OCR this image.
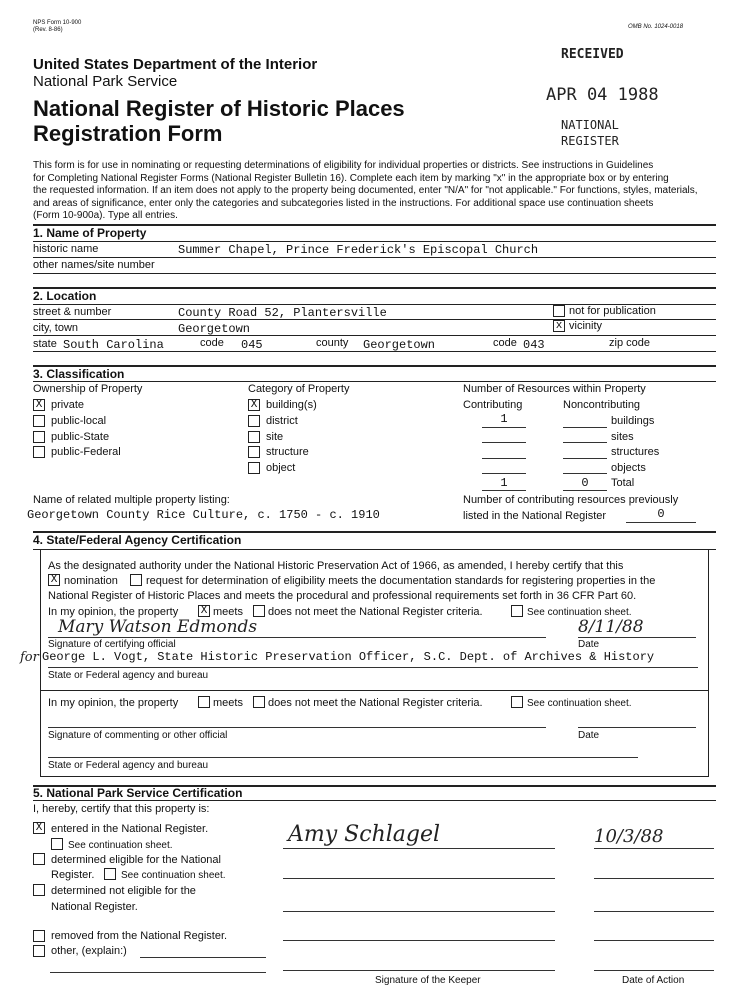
NPS Form 10-900
(Rev. 8-86)	OMB No. 1024-0018
United States Department of the Interior
National Park Service
National Register of Historic Places
Registration Form
RECEIVED
APR 04 1988
NATIONAL
REGISTER
This form is for use in nominating or requesting determinations of eligibility for individual properties or districts. See instructions in Guidelines
for Completing National Register Forms (National Register Bulletin 16). Complete each item by marking "x" in the appropriate box or by entering
the requested information. If an item does not apply to the property being documented, enter "N/A" for "not applicable." For functions, styles, materials,
and areas of significance, enter only the categories and subcategories listed in the instructions. For additional space use continuation sheets
(Form 10-900a). Type all entries.
1. Name of Property
historic name	Summer Chapel, Prince Frederick's Episcopal Church
other names/site number
2. Location
street & number	County Road 52, Plantersville	not for publication
city, town	Georgetown	x vicinity
state South Carolina	code 045	county Georgetown	code 043	zip code
3. Classification
Ownership of Property
X private
public-local
public-State
public-Federal
Category of Property
X building(s)
district
site
structure
object
Number of Resources within Property
Contributing	Noncontributing
1	buildings
sites
structures
objects
1	0	Total
Name of related multiple property listing:
Georgetown County Rice Culture, c. 1750 - c. 1910
Number of contributing resources previously
listed in the National Register	0
4. State/Federal Agency Certification
As the designated authority under the National Historic Preservation Act of 1966, as amended, I hereby certify that this
X nomination	request for determination of eligibility meets the documentation standards for registering properties in the
National Register of Historic Places and meets the procedural and professional requirements set forth in 36 CFR Part 60.
In my opinion, the property X meets does not meet the National Register criteria.	See continuation sheet.
Mary Watson Edmonds	8/11/88
Signature of certifying official	Date
for George L. Vogt, State Historic Preservation Officer, S.C. Dept. of Archives & History
State or Federal agency and bureau
In my opinion, the property	meets does not meet the National Register criteria.	See continuation sheet.
Signature of commenting or other official	Date
State or Federal agency and bureau
5. National Park Service Certification
I, hereby, certify that this property is:
X entered in the National Register.
See continuation sheet.
determined eligible for the National
Register.	See continuation sheet.
determined not eligible for the
National Register.
removed from the National Register.
other, (explain:)
Amy Schlagel	10/3/88
Signature of the Keeper	Date of Action
